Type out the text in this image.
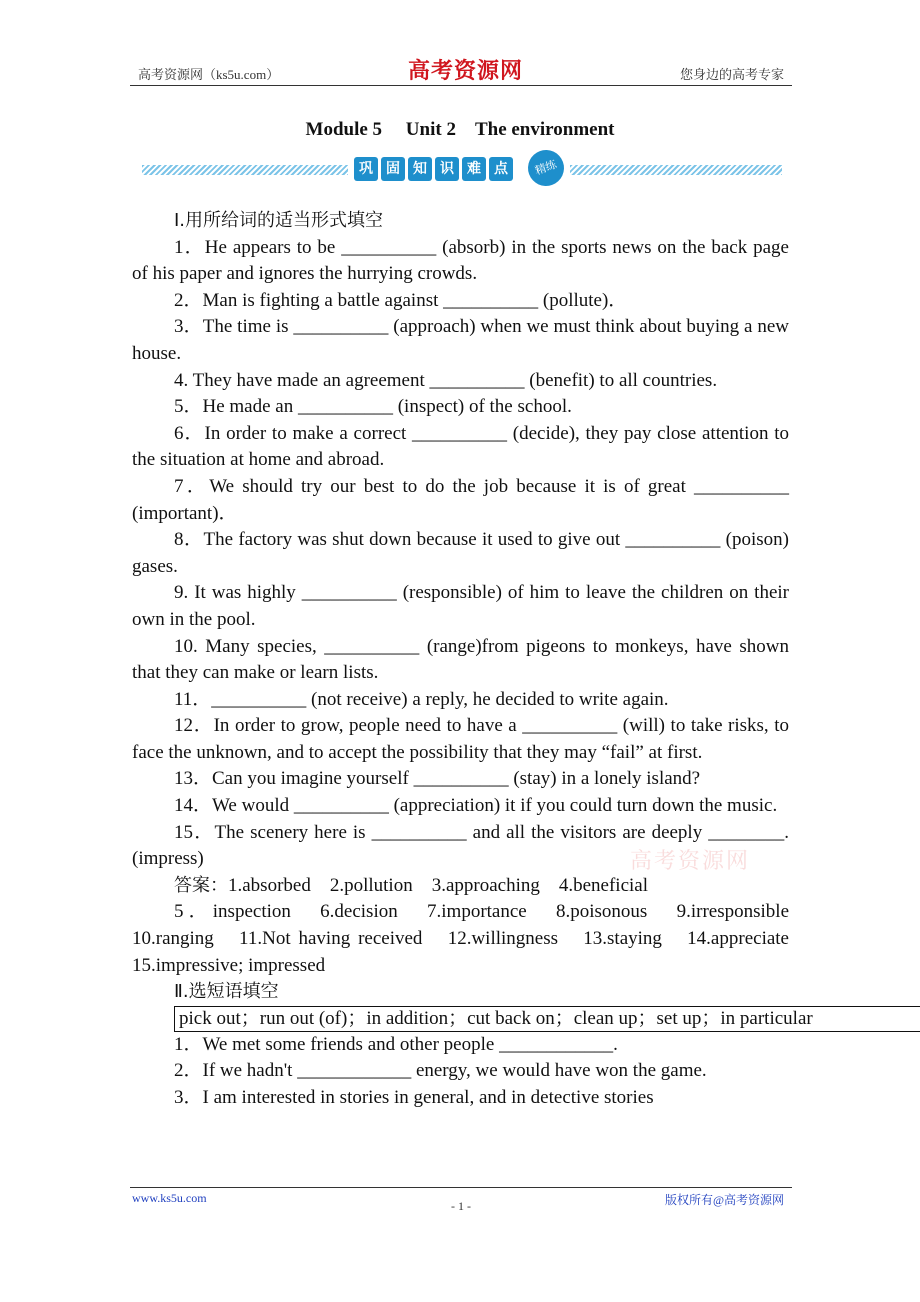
高考资源网（ks5u.com）	高考资源网	您身边的高考专家
Module 5　 Unit 2　The environment
巩 固 知 识 难 点	精练

Ⅰ.用所给词的适当形式填空

1．He appears to be __________ (absorb) in the sports news on the back page of his paper and ignores the hurrying crowds.

2．Man is fighting a battle against __________ (pollute)．

3．The time is __________ (approach) when we must think about buying a new house.

4. They have made an agreement __________ (benefit) to all countries.

5．He made an __________ (inspect) of the school.

6．In order to make a correct __________ (decide), they pay close attention to the situation at home and abroad.

7．We should try our best to do the job because it is of great __________ (important)．

8．The factory was shut down because it used to give out __________ (poison) gases.

9. It was highly __________ (responsible) of him to leave the children on their own in the pool.

10. Many species, __________ (range)from pigeons to monkeys, have shown that they can make or learn lists.

11．__________ (not receive) a reply, he decided to write again.

12．In order to grow, people need to have a __________ (will) to take risks, to face the unknown, and to accept the possibility that they may “fail” at first.

13．Can you imagine yourself __________ (stay) in a lonely island?

14．We would __________ (appreciation) it if you could turn down the music.

15．The scenery here is __________ and all the visitors are deeply ________.(impress)

答案：1.absorbed　2.pollution　3.approaching　4.beneficial

5．inspection　6.decision　7.importance　8.poisonous　9.irresponsible　10.ranging　11.Not having received　12.willingness　13.staying　14.appreciate　15.impressive; impressed

Ⅱ.选短语填空

pick out；run out (of)；in addition；cut back on；clean up；set up；in particular

1．We met some friends and other people ____________.

2．If we hadn't ____________ energy, we would have won the game.

3．I am interested in stories in general, and in detective stories

高考资源网
www.ks5u.com
- 1 -	版权所有@高考资源网
